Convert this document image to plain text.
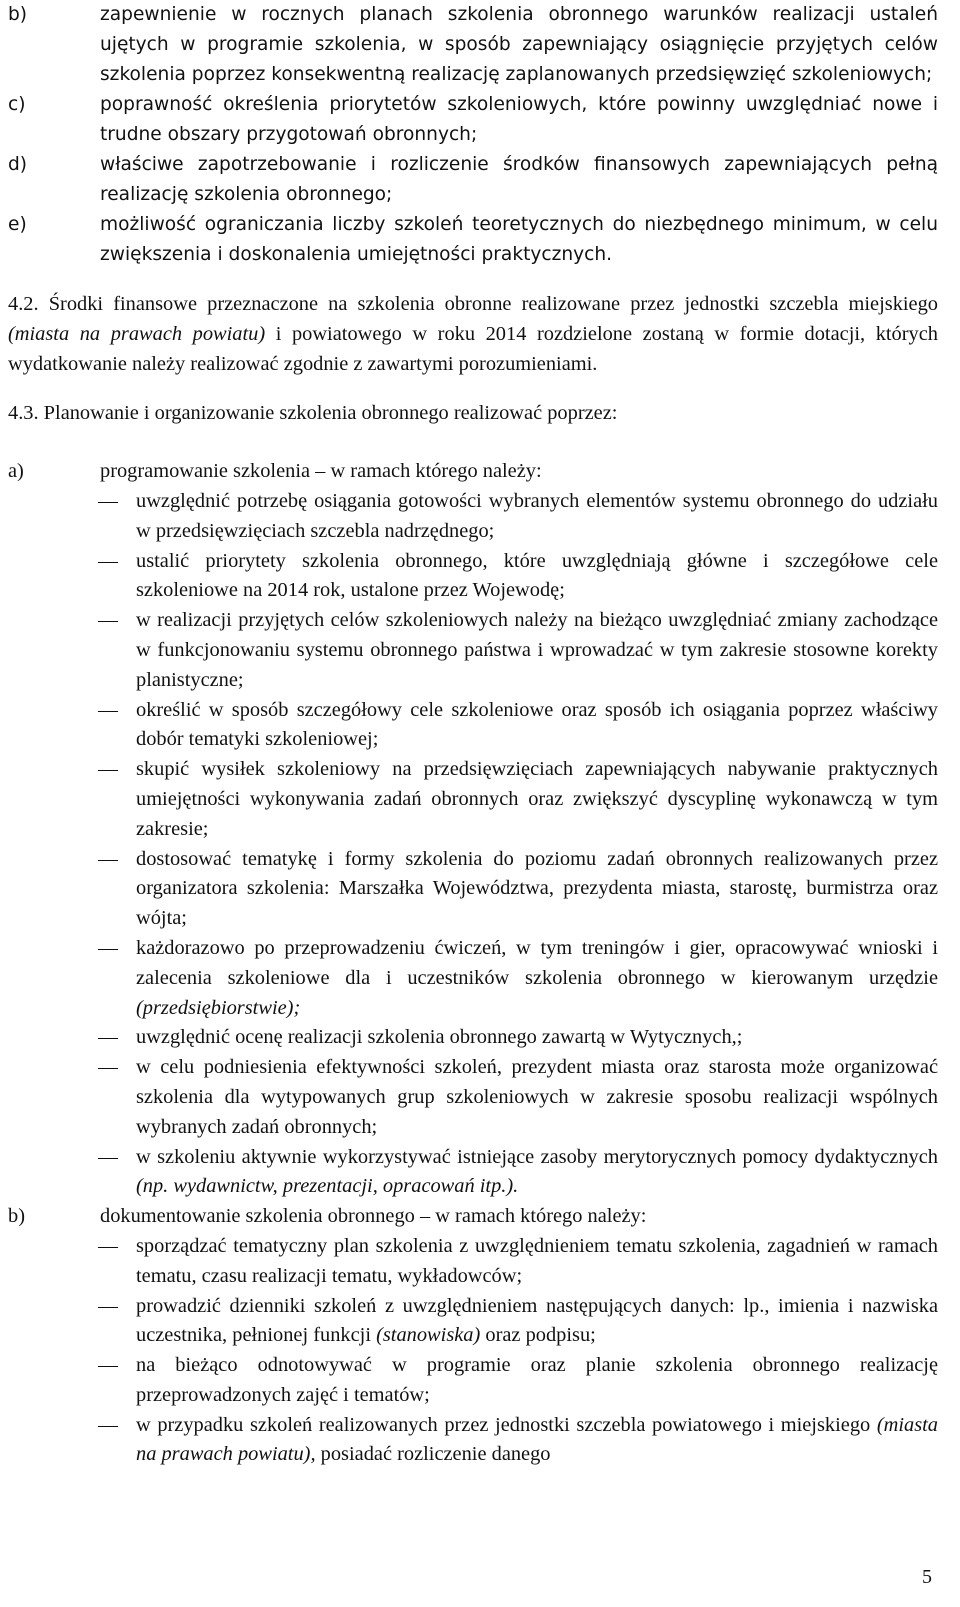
b)	zapewnienie w rocznych planach szkolenia obronnego warunków realizacji ustaleń ujętych w programie szkolenia, w sposób zapewniający osiągnięcie przyjętych celów szkolenia poprzez konsekwentną realizację zaplanowanych przedsięwzięć szkoleniowych;
c)	poprawność określenia priorytetów szkoleniowych, które powinny uwzględniać nowe i trudne obszary przygotowań obronnych;
d)	właściwe zapotrzebowanie i rozliczenie środków finansowych zapewniających pełną realizację szkolenia obronnego;
e)	możliwość ograniczania liczby szkoleń teoretycznych do niezbędnego minimum, w celu zwiększenia i doskonalenia umiejętności praktycznych.
4.2. Środki finansowe przeznaczone na szkolenia obronne realizowane przez jednostki szczebla miejskiego (miasta na prawach powiatu) i powiatowego w roku 2014 rozdzielone zostaną w formie dotacji, których wydatkowanie należy realizować zgodnie z zawartymi porozumieniami.
4.3. Planowanie i organizowanie szkolenia obronnego realizować poprzez:
a)	programowanie szkolenia – w ramach którego należy:
uwzględnić potrzebę osiągania gotowości wybranych elementów systemu obronnego do udziału w przedsięwzięciach szczebla nadrzędnego;
ustalić priorytety szkolenia obronnego, które uwzględniają główne i szczegółowe cele szkoleniowe na 2014 rok, ustalone przez Wojewodę;
w realizacji przyjętych celów szkoleniowych należy na bieżąco uwzględniać zmiany zachodzące w funkcjonowaniu systemu obronnego państwa i wprowadzać w tym zakresie stosowne korekty planistyczne;
określić w sposób szczegółowy cele szkoleniowe oraz sposób ich osiągania poprzez właściwy dobór tematyki szkoleniowej;
skupić wysiłek szkoleniowy na przedsięwzięciach zapewniających nabywanie praktycznych umiejętności wykonywania zadań obronnych oraz zwiększyć dyscyplinę wykonawczą w tym zakresie;
dostosować tematykę i formy szkolenia do poziomu zadań obronnych realizowanych przez organizatora szkolenia: Marszałka Województwa, prezydenta miasta, starostę, burmistrza oraz wójta;
każdorazowo po przeprowadzeniu ćwiczeń, w tym treningów i gier, opracowywać wnioski i zalecenia szkoleniowe dla i uczestników szkolenia obronnego w kierowanym urzędzie (przedsiębiorstwie);
uwzględnić ocenę realizacji szkolenia obronnego zawartą w Wytycznych,;
w celu podniesienia efektywności szkoleń, prezydent miasta oraz starosta może organizować szkolenia dla wytypowanych grup szkoleniowych w zakresie sposobu realizacji wspólnych wybranych zadań obronnych;
w szkoleniu aktywnie wykorzystywać istniejące zasoby merytorycznych pomocy dydaktycznych (np. wydawnictw, prezentacji, opracowań itp.).
b)	dokumentowanie szkolenia obronnego – w ramach którego należy:
sporządzać tematyczny plan szkolenia z uwzględnieniem tematu szkolenia, zagadnień w ramach tematu, czasu realizacji tematu, wykładowców;
prowadzić dzienniki szkoleń z uwzględnieniem następujących danych: lp., imienia i nazwiska uczestnika, pełnionej funkcji (stanowiska) oraz podpisu;
na bieżąco odnotowywać w programie oraz planie szkolenia obronnego realizację przeprowadzonych zajęć i tematów;
w przypadku szkoleń realizowanych przez jednostki szczebla powiatowego i miejskiego (miasta na prawach powiatu), posiadać rozliczenie danego
5
